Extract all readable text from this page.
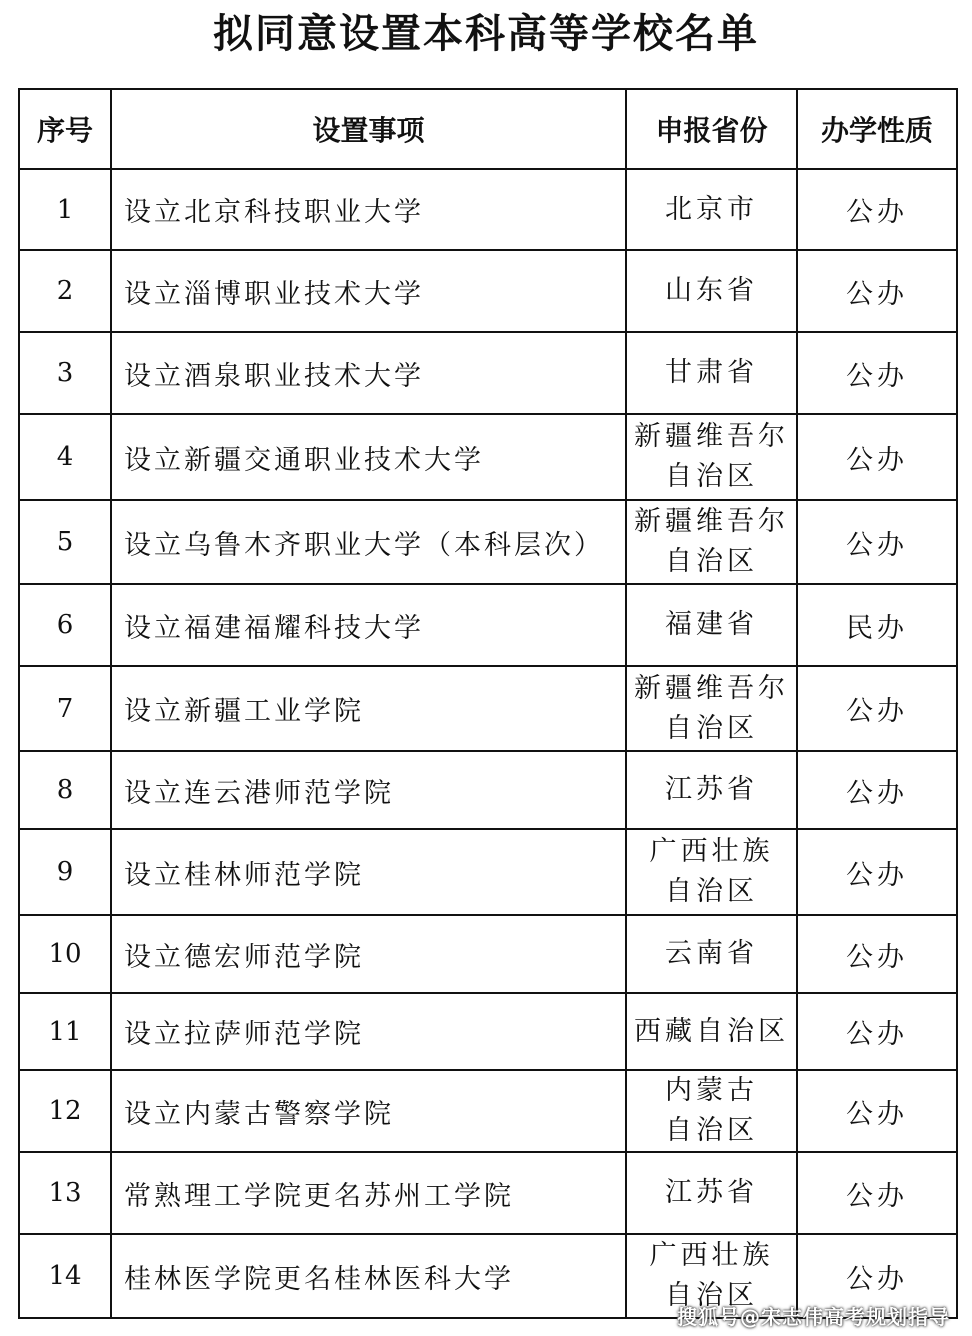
拟同意设置本科高等学校名单
序号	设置事项	申报省份	办学性质
1	设立北京科技职业大学	北京市	公办
2	设立淄博职业技术大学	山东省	公办
3	设立酒泉职业技术大学	甘肃省	公办
4	设立新疆交通职业技术大学	新疆维吾尔
自治区	公办
5	设立乌鲁木齐职业大学（本科层次）	新疆维吾尔
自治区	公办
6	设立福建福耀科技大学	福建省	民办
7	设立新疆工业学院	新疆维吾尔
自治区	公办
8	设立连云港师范学院	江苏省	公办
9	设立桂林师范学院	广西壮族
自治区	公办
10	设立德宏师范学院	云南省	公办
11	设立拉萨师范学院	西藏自治区	公办
12	设立内蒙古警察学院	内蒙古
自治区	公办
13	常熟理工学院更名苏州工学院	江苏省	公办
14	桂林医学院更名桂林医科大学	广西壮族
自治区	公办
搜狐号@宋志伟高考规划指导
